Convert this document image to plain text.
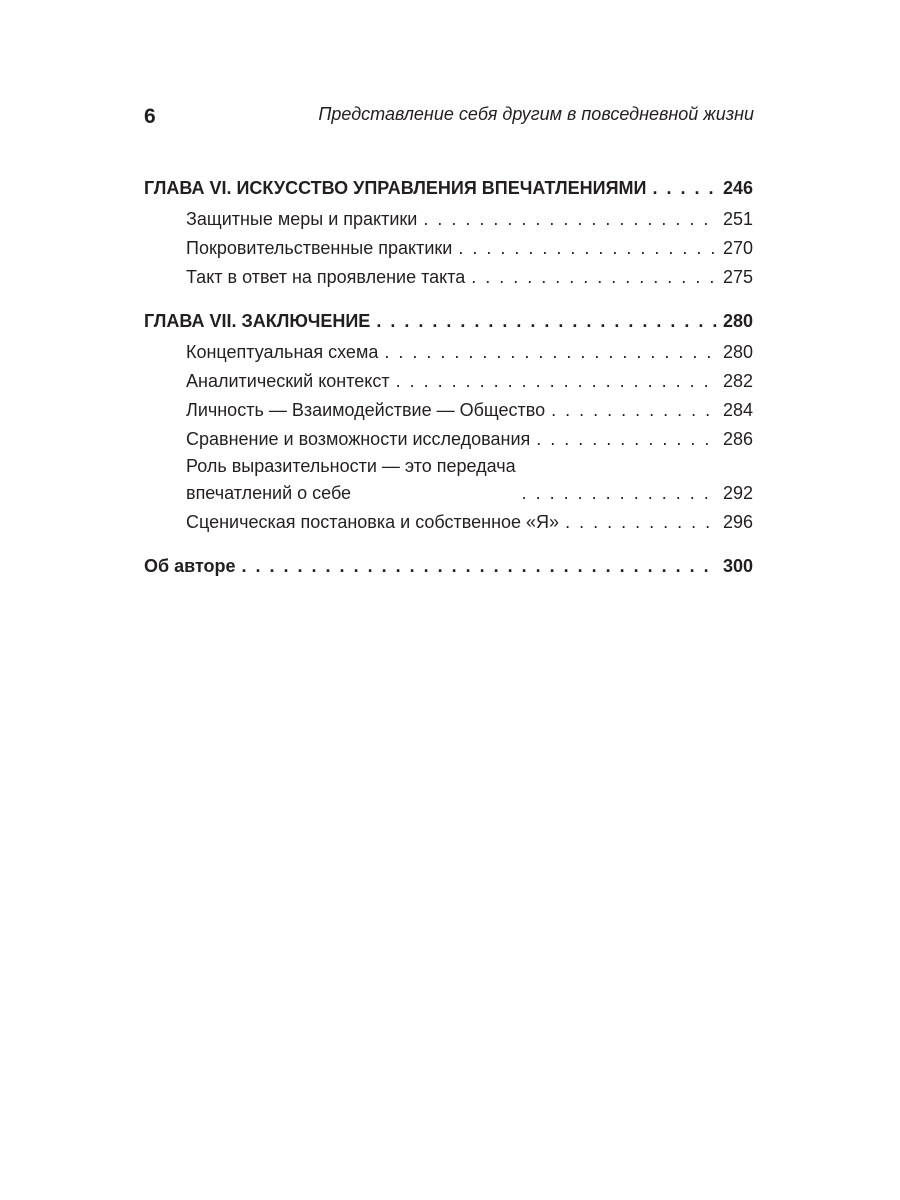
6	Представление себя другим в повседневной жизни
ГЛАВА VI. ИСКУССТВО УПРАВЛЕНИЯ ВПЕЧАТЛЕНИЯМИ . . .	246
Защитные меры и практики . . .	251
Покровительственные практики . . .	270
Такт в ответ на проявление такта . . .	275
ГЛАВА VII. ЗАКЛЮЧЕНИЕ . . .	280
Концептуальная схема . . .	280
Аналитический контекст . . .	282
Личность — Взаимодействие — Общество . . .	284
Сравнение и возможности исследования . . .	286
Роль выразительности — это передача
впечатлений о себе . . .	292
Сценическая постановка и собственное «Я» . . .	296
Об авторе . . .	300
